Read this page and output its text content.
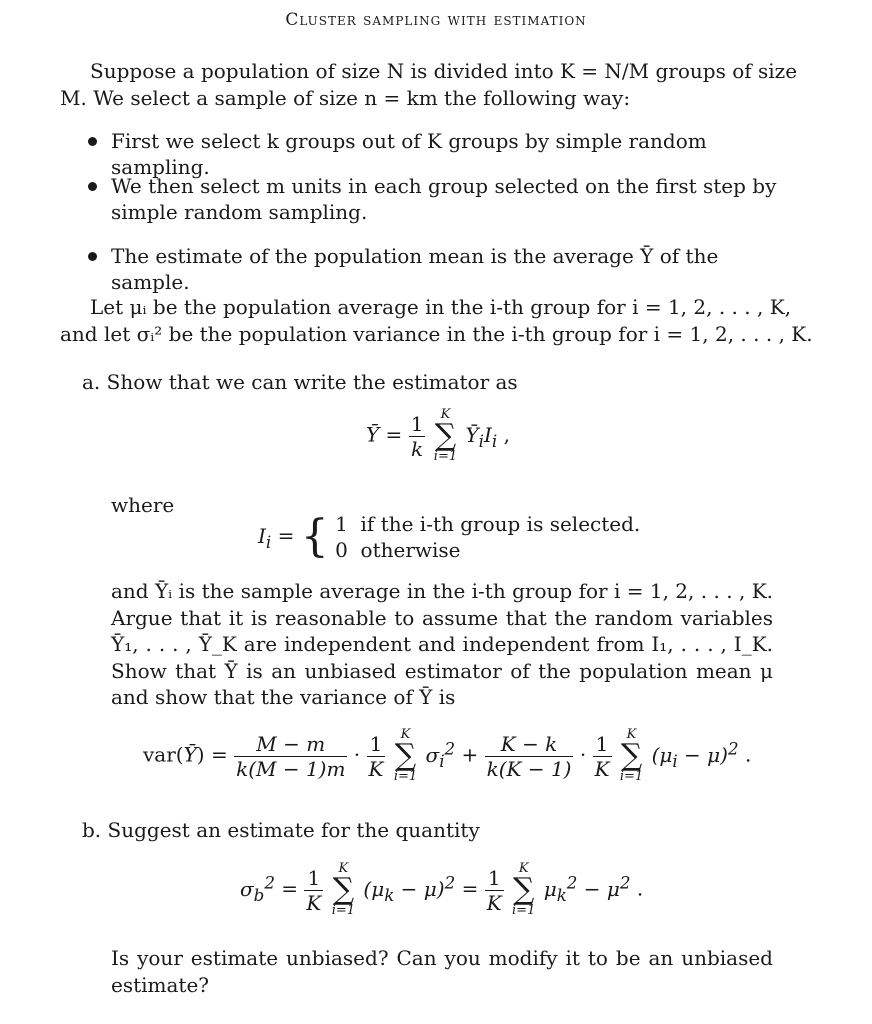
Cluster sampling with estimation
Suppose a population of size N is divided into K = N/M groups of size
M. We select a sample of size n = km the following way:
First we select k groups out of K groups by simple random sampling.
We then select m units in each group selected on the first step by simple random sampling.
The estimate of the population mean is the average Ȳ of the sample.
Let μᵢ be the population average in the i-th group for i = 1, 2, . . . , K,
and let σᵢ² be the population variance in the i-th group for i = 1, 2, . . . , K.
a. Show that we can write the estimator as
Ȳ = $\frac{1}{k}$
	K
∑
i=1
$Ȳ_iI_i$ ,
where
$I_i$ = { 1  if the i-th group is selected.
0  otherwise
and Ȳᵢ is the sample average in the i-th group for i = 1, 2, . . . , K. Argue that it is reasonable to assume that the random variables Ȳ₁, . . . , Ȳ_K are independent and independent from I₁, . . . , I_K. Show that Ȳ is an unbiased estimator of the population mean μ and show that the variance of Ȳ is
var(Ȳ) = $\frac{M - m}{k(M - 1)m} \cdot \frac{1}{K}$
	K
∑
i=1
$\sigma_i^2 + \frac{K - k}{k(K - 1)} \cdot \frac{1}{K}$
	K
∑
i=1
$(\mu_i - \mu)^2$ .
b. Suggest an estimate for the quantity
$\sigma_b^2 = \frac{1}{K}$
	K
∑
i=1
$(\mu_k - \mu)^2 = \frac{1}{K}$
	K
∑
i=1
$\mu_k^2 - \mu^2$ .
Is your estimate unbiased? Can you modify it to be an unbiased estimate?
